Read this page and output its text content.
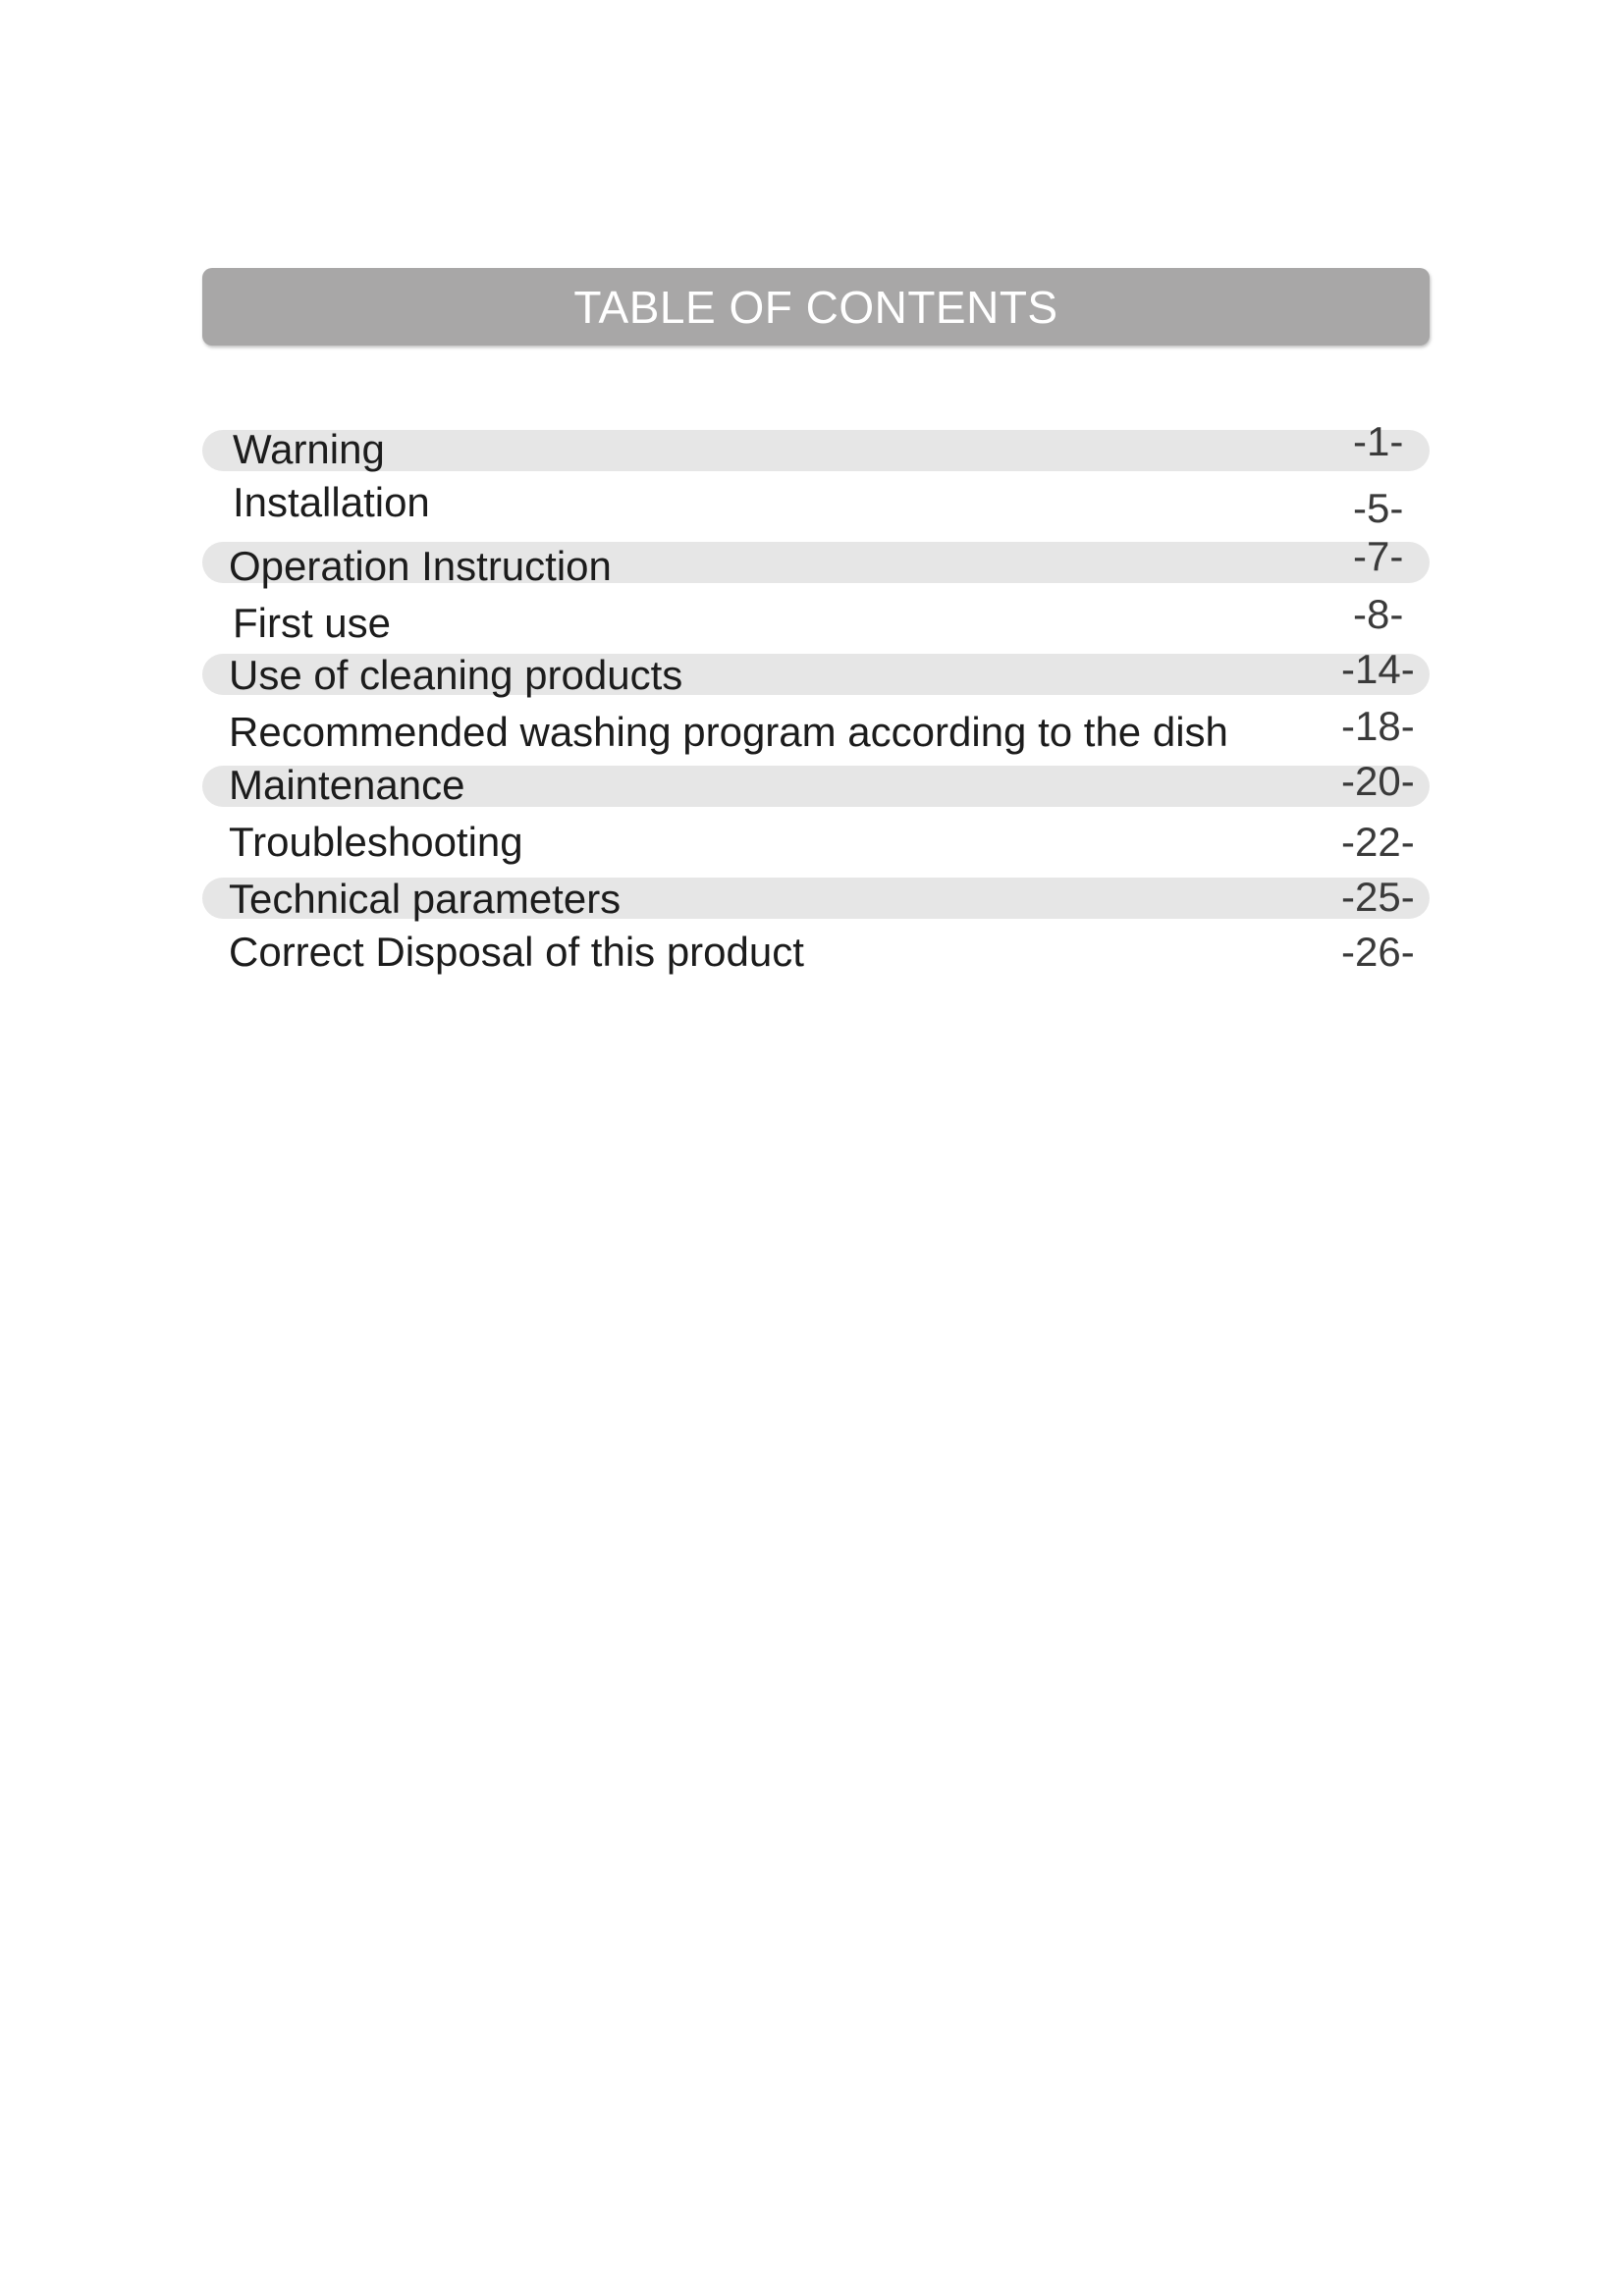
TABLE OF CONTENTS
Warning	-1-
Installation	-5-
Operation Instruction	-7-
First use	-8-
Use of cleaning products	-14-
Recommended washing program according to the dish	-18-
Maintenance	-20-
Troubleshooting	-22-
Technical parameters	-25-
Correct Disposal of this product	-26-
